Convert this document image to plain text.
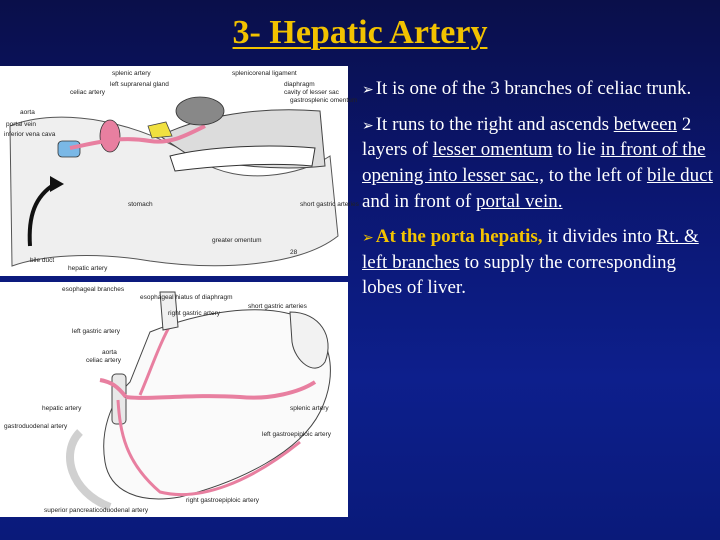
3- Hepatic Artery
splenic artery	splenicorenal ligament
left suprarenal gland
celiac artery
diaphragm
cavity of lesser sac
gastrosplenic omentum
aorta
portal vein
inferior vena cava
short gastric arteries
stomach
greater omentum
bile duct
hepatic artery
28
esophageal branches
esophageal hiatus of diaphragm
short gastric arteries
right gastric artery
left gastric artery
aorta
celiac artery
hepatic artery
gastroduodenal artery
splenic artery
left gastroepiploic artery
right gastroepiploic artery
superior pancreaticoduodenal artery

➢ It is one of the 3 branches of celiac trunk.

➢ It runs to the right and ascends between 2 layers of lesser omentum to lie in front of the opening into lesser sac., to the left of bile duct and in front of portal vein.

➢ At the porta hepatis, it divides into Rt. & left branches to supply the corresponding lobes of liver.
